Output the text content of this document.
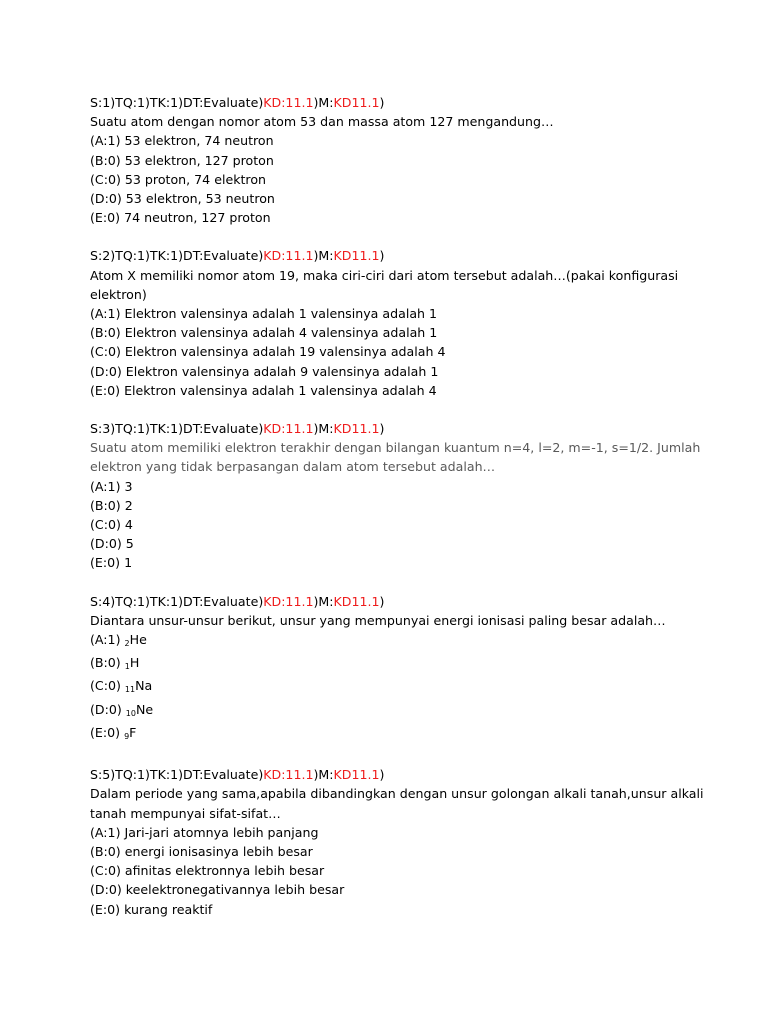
S:1)TQ:1)TK:1)DT:Evaluate)KD:11.1)M:KD11.1)
Suatu atom dengan nomor atom 53 dan massa atom 127 mengandung…
(A:1) 53 elektron, 74 neutron
(B:0) 53 elektron, 127 proton
(C:0) 53 proton, 74 elektron
(D:0) 53 elektron, 53 neutron
(E:0) 74 neutron, 127 proton
S:2)TQ:1)TK:1)DT:Evaluate)KD:11.1)M:KD11.1)
Atom X memiliki nomor atom 19, maka ciri-ciri dari atom tersebut adalah…(pakai konfigurasi
elektron)
(A:1) Elektron valensinya adalah 1 valensinya adalah 1
(B:0) Elektron valensinya adalah 4 valensinya adalah 1
(C:0) Elektron valensinya adalah 19 valensinya adalah 4
(D:0) Elektron valensinya adalah 9 valensinya adalah 1
(E:0) Elektron valensinya adalah 1 valensinya adalah 4
S:3)TQ:1)TK:1)DT:Evaluate)KD:11.1)M:KD11.1)
Suatu atom memiliki elektron terakhir dengan bilangan kuantum n=4, l=2, m=-1, s=1/2. Jumlah
elektron yang tidak berpasangan dalam atom tersebut adalah…
(A:1) 3
(B:0) 2
(C:0) 4
(D:0) 5
(E:0) 1
S:4)TQ:1)TK:1)DT:Evaluate)KD:11.1)M:KD11.1)
Diantara unsur-unsur berikut, unsur yang mempunyai energi ionisasi paling besar adalah…
(A:1) $_2$He
(B:0) $_1$H
(C:0) $_{11}$Na
(D:0) $_{10}$Ne
(E:0) $_9$F
S:5)TQ:1)TK:1)DT:Evaluate)KD:11.1)M:KD11.1)
Dalam periode yang sama,apabila dibandingkan dengan unsur golongan alkali tanah,unsur alkali
tanah mempunyai sifat-sifat…
(A:1) Jari-jari atomnya lebih panjang
(B:0) energi ionisasinya lebih besar
(C:0) afinitas elektronnya lebih besar
(D:0) keelektronegativannya lebih besar
(E:0) kurang reaktif
